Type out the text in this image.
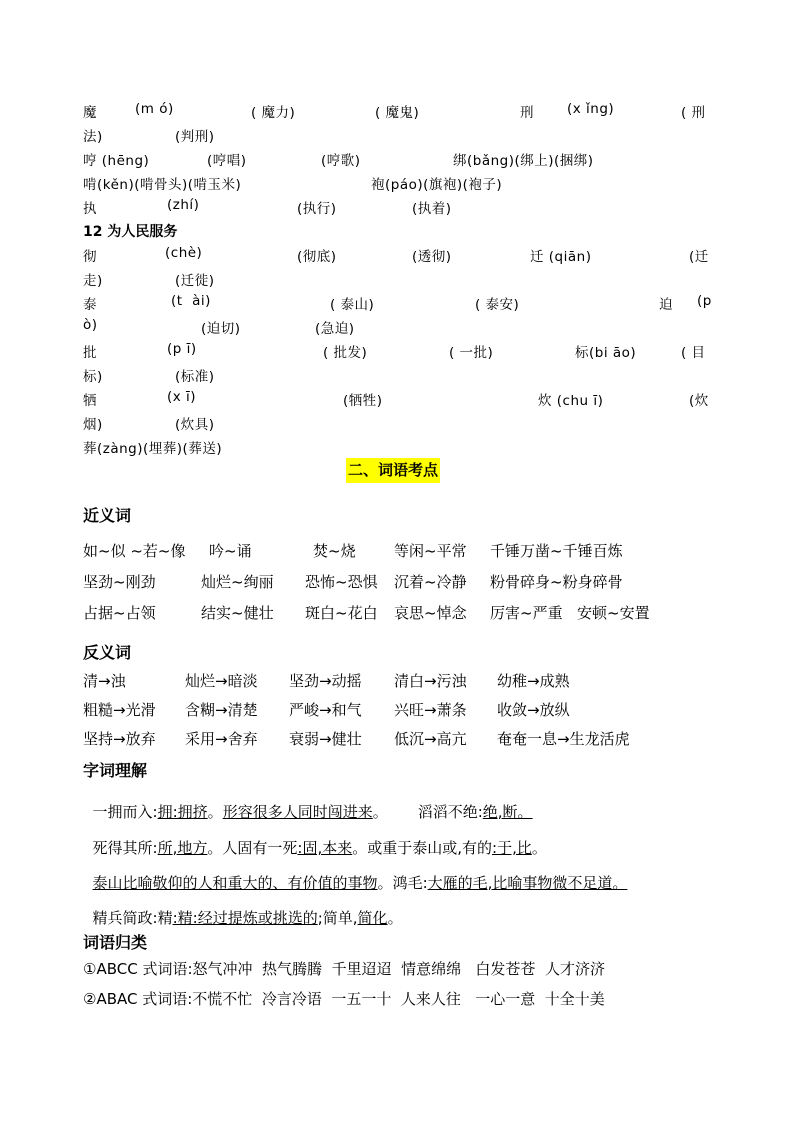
魔	(m ó)	( 魔力)	( 魔鬼)	刑 (x ǐng)	( 刑
法)	(判刑)
哼 (hēng)	(哼唱)	(哼歌)	绑(bǎng)(绑上)(捆绑)
啃(kěn)(啃骨头)(啃玉米)	袍(páo)(旗袍)(袍子)
执	(zhí)	(执行)	(执着)
彻	(chè)	(彻底)	(透彻)	迁 (qiān)	(迁
走)	(迁徙)
泰	(t  ài)	( 泰山)	( 泰安)	迫 (p
ò)	(迫切)	(急迫)
批	(p ī)	( 批发)	( 一批)	标(bi āo)	( 目
标)	(标准)
牺	(x ī)	(牺牲)	炊 (chu ī)	(炊
烟)	(炊具)
葬(zàng)(埋葬)(葬送)
12 为人民服务
二、词语考点
近义词
如~似 ~若~像 吟~诵	焚~烧	等闲~平常 千锤万凿~千锤百炼
坚劲~刚劲	灿烂~绚丽 恐怖~恐惧 沉着~冷静 粉骨碎身~粉身碎骨
占据~占领	结实~健壮 斑白~花白 哀思~悼念 厉害~严重 安顿~安置
反义词
清→浊	灿烂→暗淡 坚劲→动摇 清白→污浊 幼稚→成熟
粗糙→光滑 含糊→清楚 严峻→和气 兴旺→萧条 收敛→放纵
坚持→放弃 采用→舍弃 衰弱→健壮 低沉→高亢 奄奄一息→生龙活虎
字词理解

一拥而入:拥:拥挤。形容很多人同时闯进来。 滔滔不绝:绝,断。

死得其所:所,地方。人固有一死:固,本来。或重于泰山或,有的:于,比。

泰山比喻敬仰的人和重大的、有价值的事物。鸿毛:大雁的毛,比喻事物微不足道。

精兵简政:精:精:经过提炼或挑选的;简单,简化。

词语归类
①ABCC 式词语:怒气冲冲  热气腾腾  千里迢迢  情意绵绵   白发苍苍  人才济济
②ABAC 式词语:不慌不忙  冷言冷语  一五一十  人来人往   一心一意  十全十美
